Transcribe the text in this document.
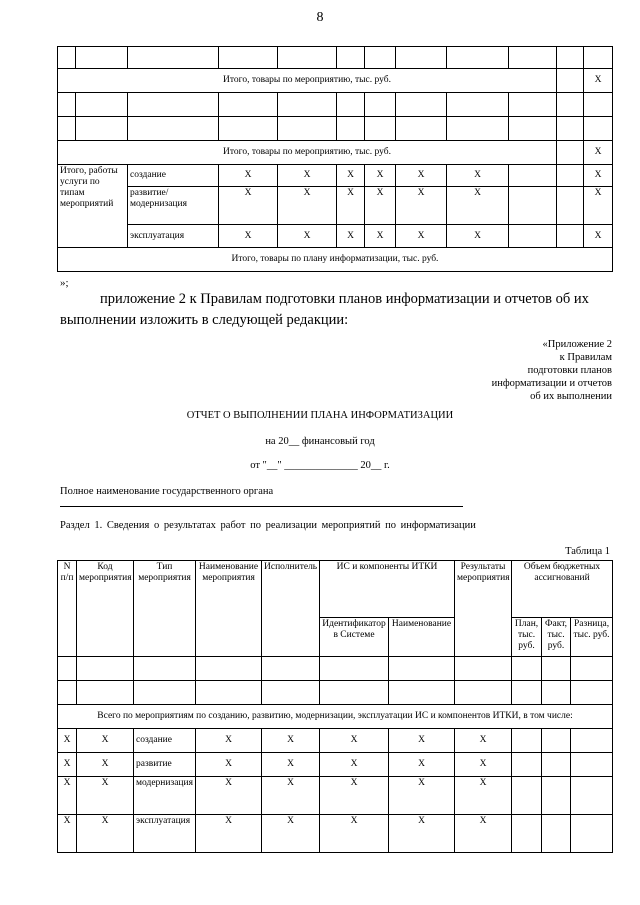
8

Итого, товары по мероприятию, тыс. руб.											X

Итого, товары по мероприятию, тыс. руб.											X
Итого, работы услуги по типам мероприятий		создание	X	X	X	X	X	X			X
		развитие/модернизация	X	X	X	X	X	X			X
		эксплуатация	X	X	X	X	X	X			X
Итого, товары по плану информатизации, тыс. руб.											
»;
приложение 2 к Правилам подготовки планов информатизации и отчетов об их
выполнении изложить в следующей редакции:
«Приложение 2
к Правилам
подготовки планов
информатизации и отчетов
об их выполнении
ОТЧЕТ О ВЫПОЛНЕНИИ ПЛАНА ИНФОРМАТИЗАЦИИ
на 20__ финансовый год
от "__" ______________ 20__ г.
Полное наименование государственного органа
Раздел 1. Сведения о результатах работ по реализации мероприятий по информатизации
Таблица 1
N п/п	Код мероприятия	Тип мероприятия	Наименование мероприятия	Исполнитель	ИС и компоненты ИТКИ		Результаты мероприятия	Объем бюджетных ассигнований		
					Идентификатор в Системе	Наименование		План, тыс. руб.	Факт, тыс. руб.	Разница, тыс. руб.

Всего по мероприятиям по созданию, развитию, модернизации, эксплуатации ИС и компонентов ИТКИ, в том числе:										
X	X	создание	X	X	X	X	X			
X	X	развитие	X	X	X	X	X			
X	X	модернизация	X	X	X	X	X			
X	X	эксплуатация	X	X	X	X	X			
